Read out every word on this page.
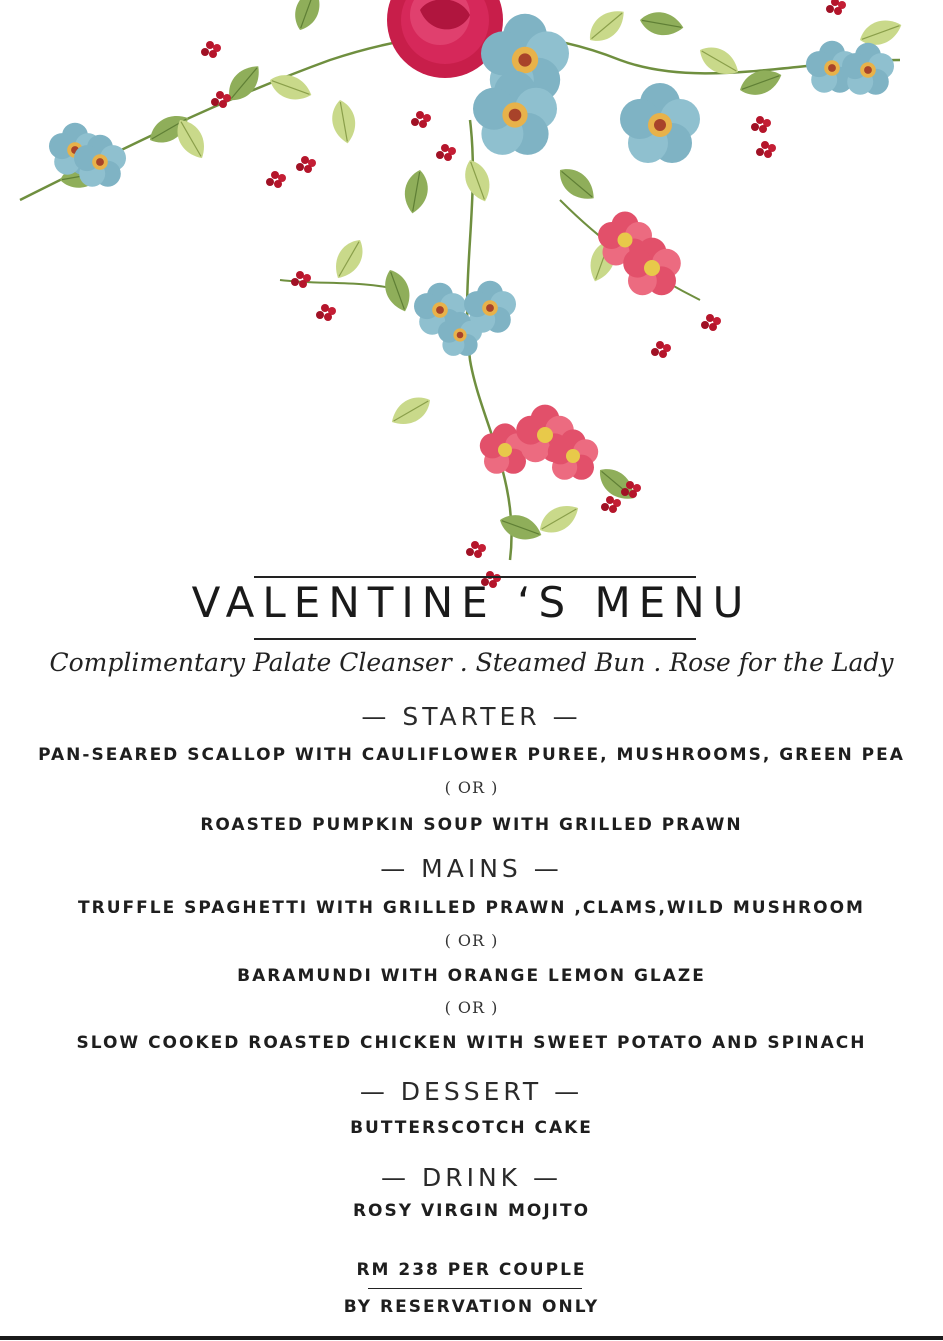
VALENTINE ‘S MENU
Complimentary Palate Cleanser . Steamed Bun . Rose for the Lady
— STARTER —
PAN-SEARED SCALLOP WITH CAULIFLOWER PUREE, MUSHROOMS, GREEN PEA
( OR )
ROASTED PUMPKIN SOUP WITH GRILLED PRAWN
— MAINS —
TRUFFLE SPAGHETTI WITH GRILLED PRAWN ,CLAMS,WILD MUSHROOM
( OR )
BARAMUNDI WITH ORANGE LEMON GLAZE
( OR )
SLOW COOKED ROASTED CHICKEN WITH SWEET POTATO AND SPINACH
— DESSERT —
BUTTERSCOTCH CAKE
— DRINK —
ROSY VIRGIN MOJITO
RM 238 PER COUPLE
BY RESERVATION ONLY
